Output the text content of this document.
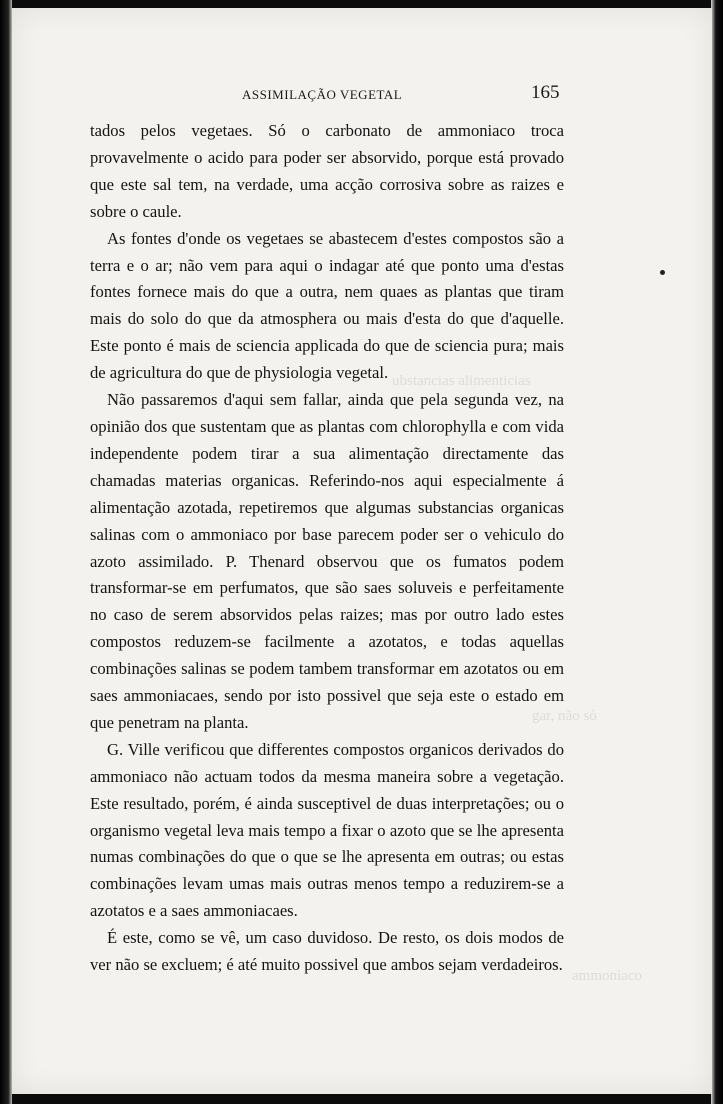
ubstancias alimenticias
gar, não só
ammoniaco
ASSIMILAÇÃO VEGETAL	165

tados pelos vegetaes. Só o carbonato de ammoniaco troca provavelmente o acido para poder ser absorvido, porque está provado que este sal tem, na verdade, uma acção corrosiva sobre as raizes e sobre o caule.

As fontes d'onde os vegetaes se abastecem d'estes compostos são a terra e o ar; não vem para aqui o indagar até que ponto uma d'estas fontes fornece mais do que a outra, nem quaes as plantas que tiram mais do solo do que da atmosphera ou mais d'esta do que d'aquelle. Este ponto é mais de sciencia applicada do que de sciencia pura; mais de agricultura do que de physiologia vegetal.

Não passaremos d'aqui sem fallar, ainda que pela segunda vez, na opinião dos que sustentam que as plantas com chlorophylla e com vida independente podem tirar a sua alimentação directamente das chamadas materias organicas. Referindo-nos aqui especialmente á alimentação azotada, repetiremos que algumas substancias organicas salinas com o ammoniaco por base parecem poder ser o vehiculo do azoto assimilado. P. Thenard observou que os fumatos podem transformar-se em perfumatos, que são saes soluveis e perfeitamente no caso de serem absorvidos pelas raizes; mas por outro lado estes compostos reduzem-se facilmente a azotatos, e todas aquellas combinações salinas se podem tambem transformar em azotatos ou em saes ammoniacaes, sendo por isto possivel que seja este o estado em que penetram na planta.

G. Ville verificou que differentes compostos organicos derivados do ammoniaco não actuam todos da mesma maneira sobre a vegetação. Este resultado, porém, é ainda susceptivel de duas interpretações; ou o organismo vegetal leva mais tempo a fixar o azoto que se lhe apresenta numas combinações do que o que se lhe apresenta em outras; ou estas combinações levam umas mais outras menos tempo a reduzirem-se a azotatos e a saes ammoniacaes.

É este, como se vê, um caso duvidoso. De resto, os dois modos de ver não se excluem; é até muito possivel que ambos sejam verdadeiros.
